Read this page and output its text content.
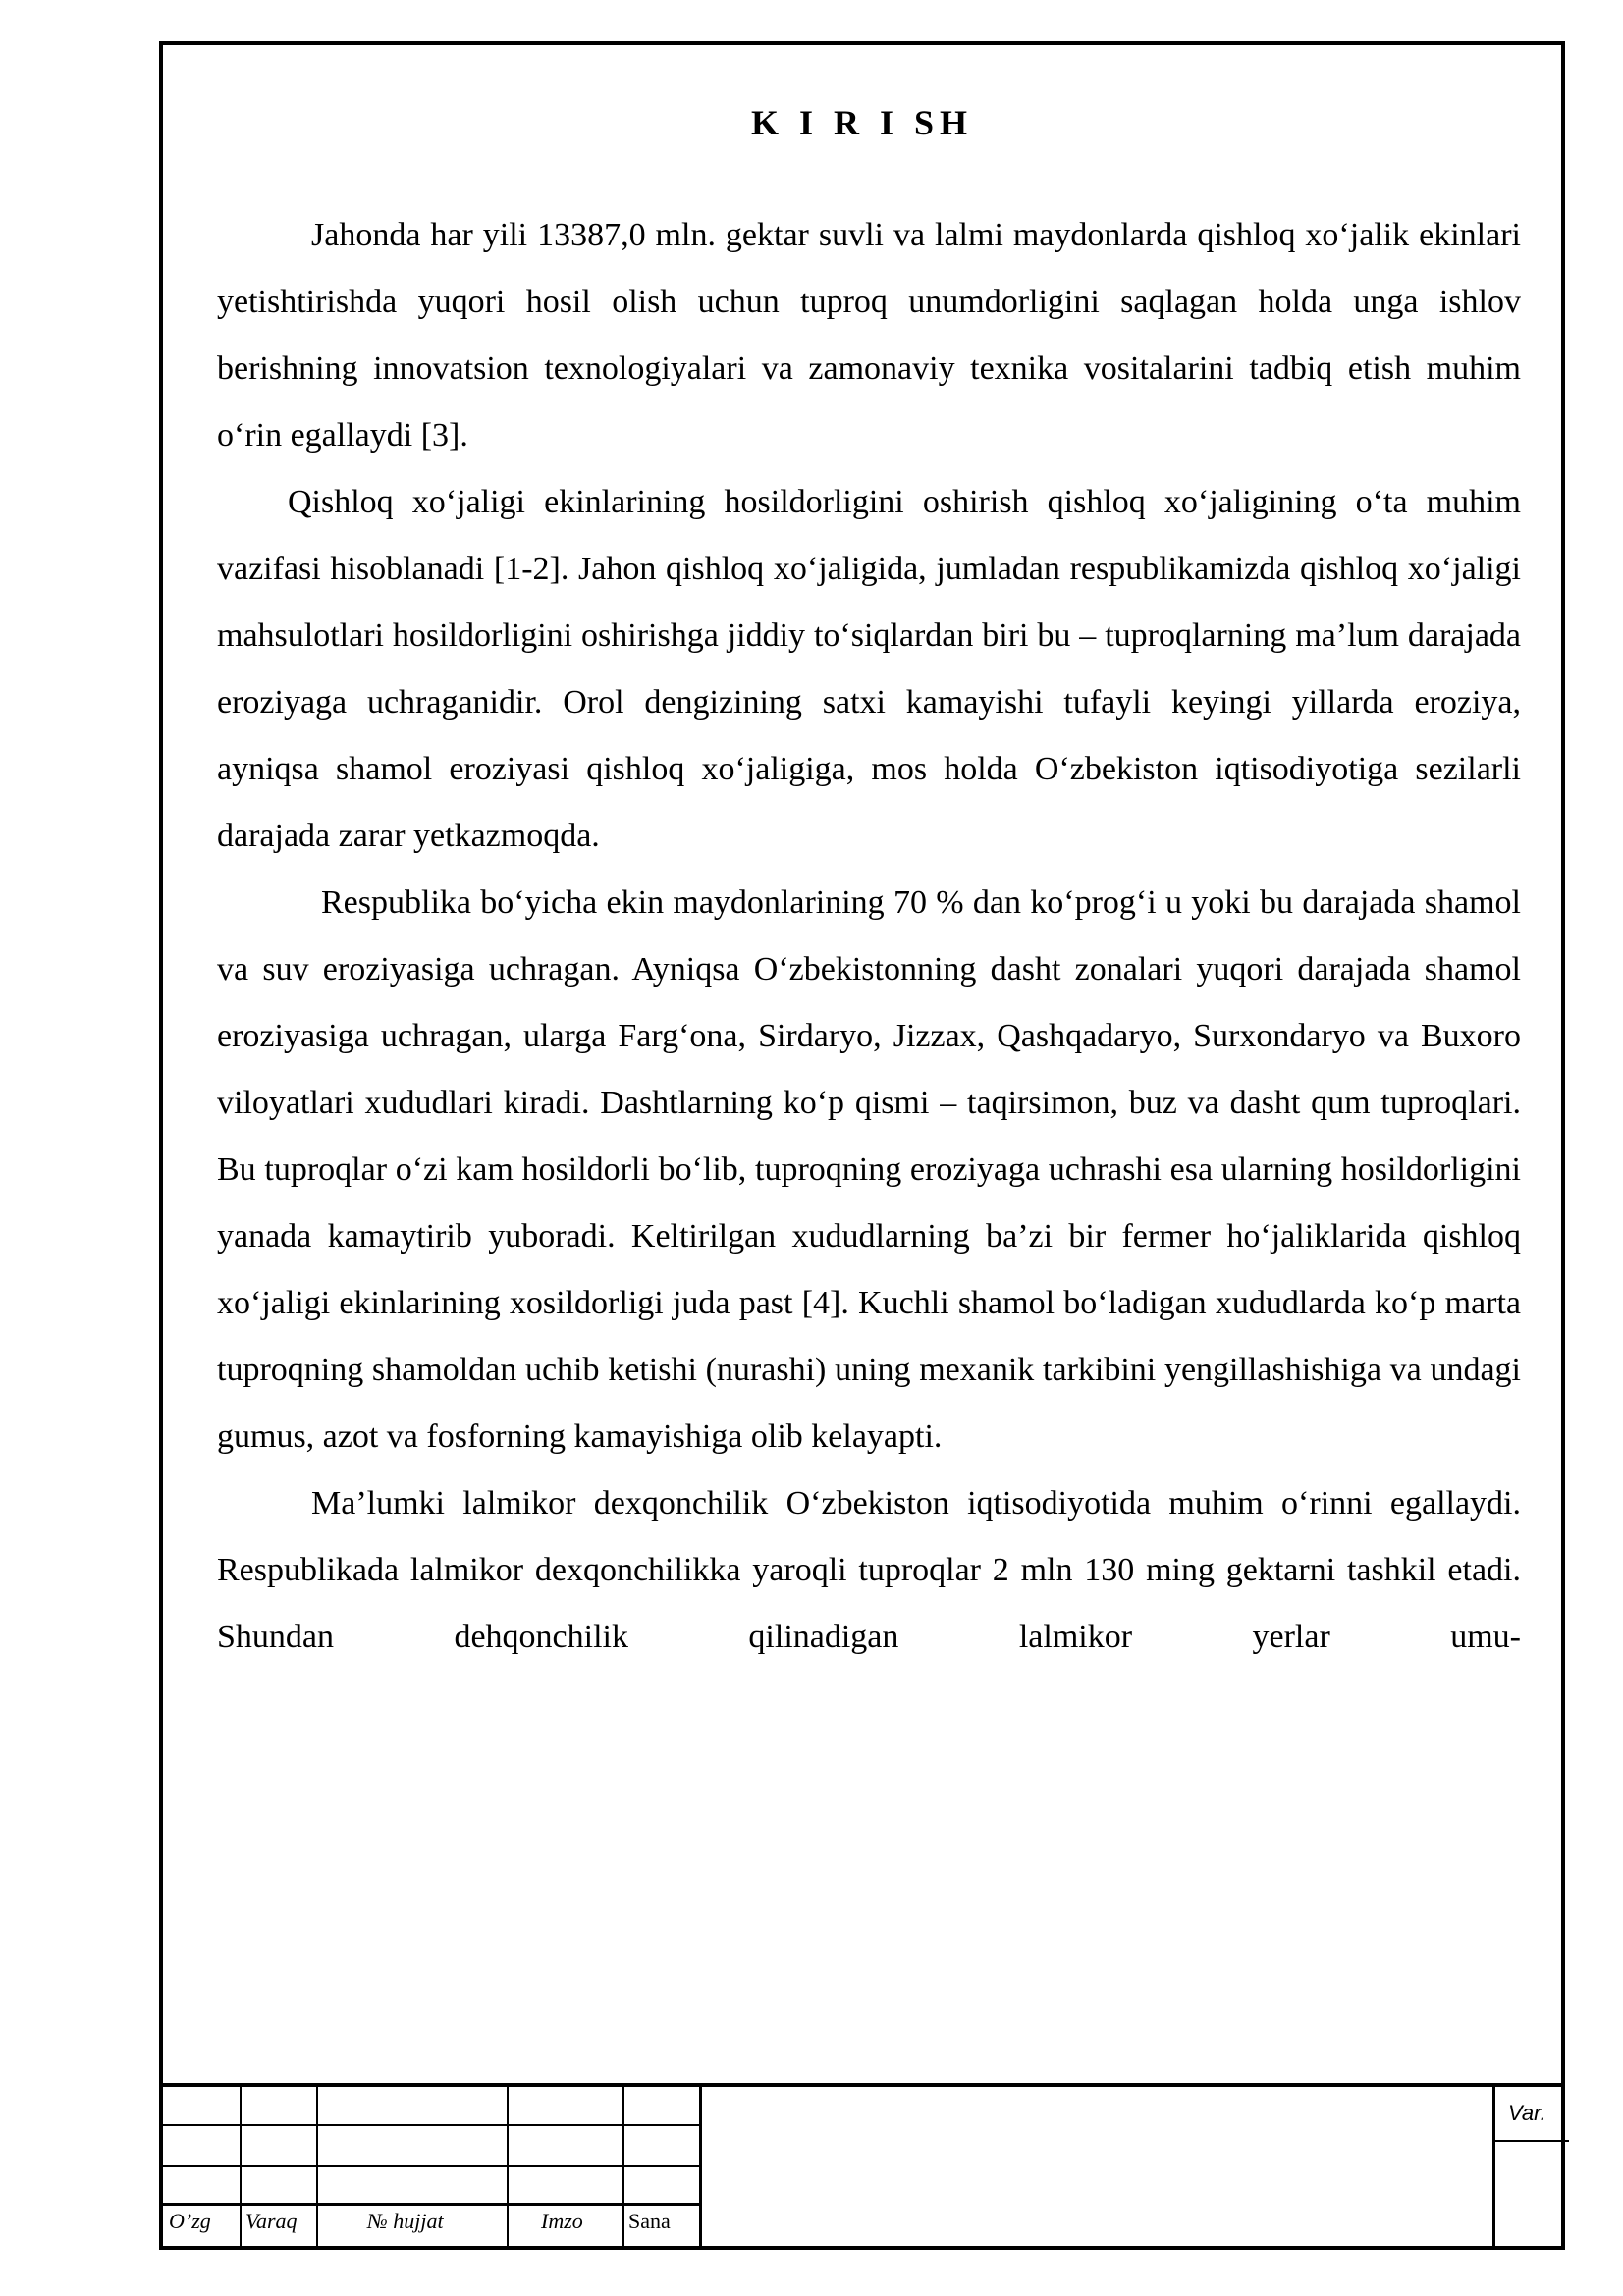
K I R I SH

Jahonda har yili 13387,0 mln. gektar suvli va lalmi maydonlarda qishloq xo‘jalik ekinlari yetishtirishda yuqori hosil olish uchun tuproq unumdorligini saqlagan holda unga ishlov berishning innovatsion texnologiyalari va zamonaviy texnika vositalarini tadbiq etish muhim o‘rin egallaydi [3].

Qishloq xo‘jaligi ekinlarining hosildorligini oshirish qishloq xo‘jaligining o‘ta muhim vazifasi hisoblanadi [1-2]. Jahon qishloq xo‘jaligida, jumladan respublikamizda qishloq xo‘jaligi mahsulotlari hosildorligini oshirishga jiddiy to‘siqlardan biri bu – tuproqlarning ma’lum darajada eroziyaga uchraganidir. Orol dengizining satxi kamayishi tufayli keyingi yillarda eroziya, ayniqsa shamol eroziyasi qishloq xo‘jaligiga, mos holda O‘zbekiston iqtisodiyotiga sezilarli darajada zarar yetkazmoqda.

Respublika bo‘yicha ekin maydonlarining 70 % dan ko‘prog‘i u yoki bu darajada shamol va suv eroziyasiga uchragan. Ayniqsa O‘zbekistonning dasht zonalari yuqori darajada shamol eroziyasiga uchragan, ularga Farg‘ona, Sirdaryo, Jizzax, Qashqadaryo, Surxondaryo va Buxoro viloyatlari xududlari kiradi. Dashtlarning ko‘p qismi – taqirsimon, buz va dasht qum tuproqlari. Bu tuproqlar o‘zi kam hosildorli bo‘lib, tuproqning eroziyaga uchrashi esa ularning hosildorligini yanada kamaytirib yuboradi. Keltirilgan xududlarning ba’zi bir fermer ho‘jaliklarida qishloq xo‘jaligi ekinlarining xosildorligi juda past [4]. Kuchli shamol bo‘ladigan xududlarda ko‘p marta tuproqning shamoldan uchib ketishi (nurashi) uning mexanik tarkibini yengillashishiga va undagi gumus, azot va fosforning kamayishiga olib kelayapti.

Ma’lumki lalmikor dexqonchilik O‘zbekiston iqtisodiyotida muhim o‘rinni egallaydi. Respublikada lalmikor dexqonchilikka yaroqli tuproqlar 2 mln 130 ming gektarni tashkil etadi. Shundan dehqonchilik qilinadigan lalmikor yerlar umu-

O’zg Varaq	№ hujjat	Imzo Sana
Var.
